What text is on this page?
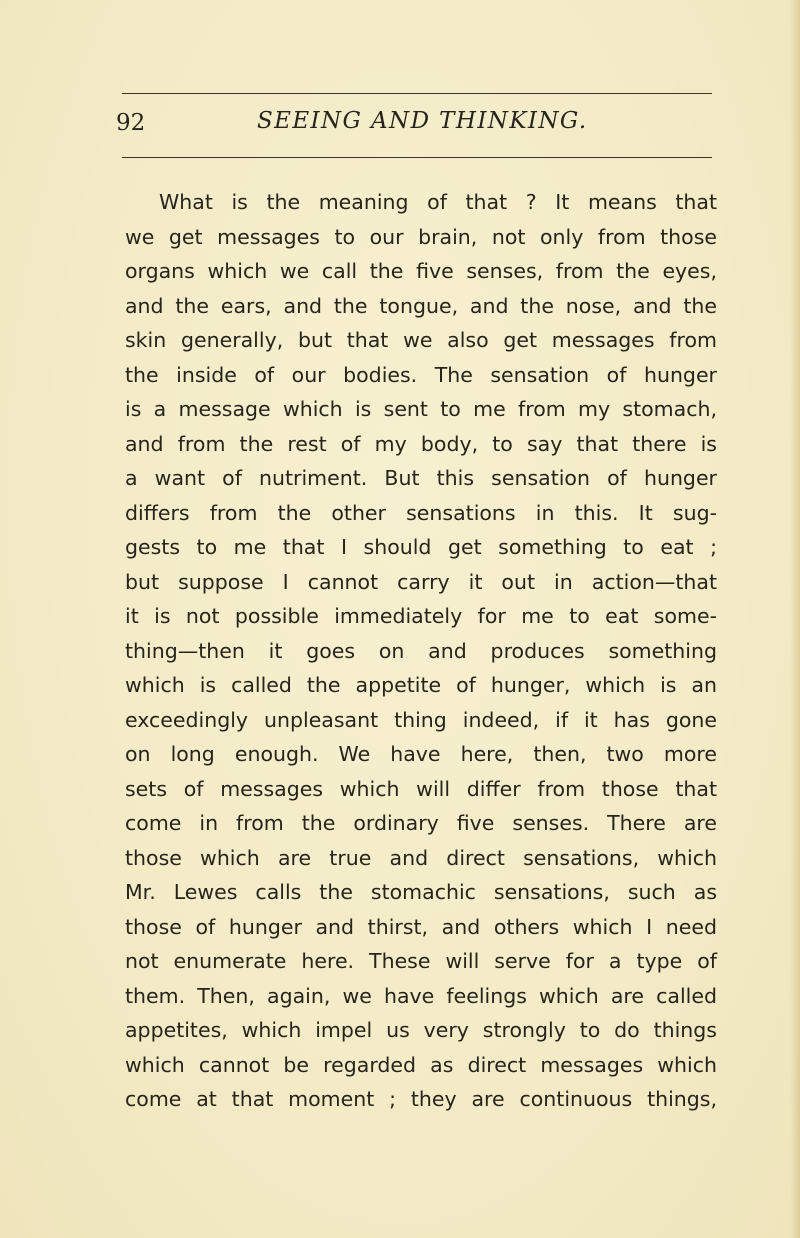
92	SEEING AND THINKING.
What is the meaning of that ? It means that
we get messages to our brain, not only from those
organs which we call the five senses, from the eyes,
and the ears, and the tongue, and the nose, and the
skin generally, but that we also get messages from
the inside of our bodies. The sensation of hunger
is a message which is sent to me from my stomach,
and from the rest of my body, to say that there is
a want of nutriment. But this sensation of hunger
differs from the other sensations in this. It sug-
gests to me that I should get something to eat ;
but suppose I cannot carry it out in action—that
it is not possible immediately for me to eat some-
thing—then it goes on and produces something
which is called the appetite of hunger, which is an
exceedingly unpleasant thing indeed, if it has gone
on long enough. We have here, then, two more
sets of messages which will differ from those that
come in from the ordinary five senses. There are
those which are true and direct sensations, which
Mr. Lewes calls the stomachic sensations, such as
those of hunger and thirst, and others which I need
not enumerate here. These will serve for a type of
them. Then, again, we have feelings which are called
appetites, which impel us very strongly to do things
which cannot be regarded as direct messages which
come at that moment ; they are continuous things,
